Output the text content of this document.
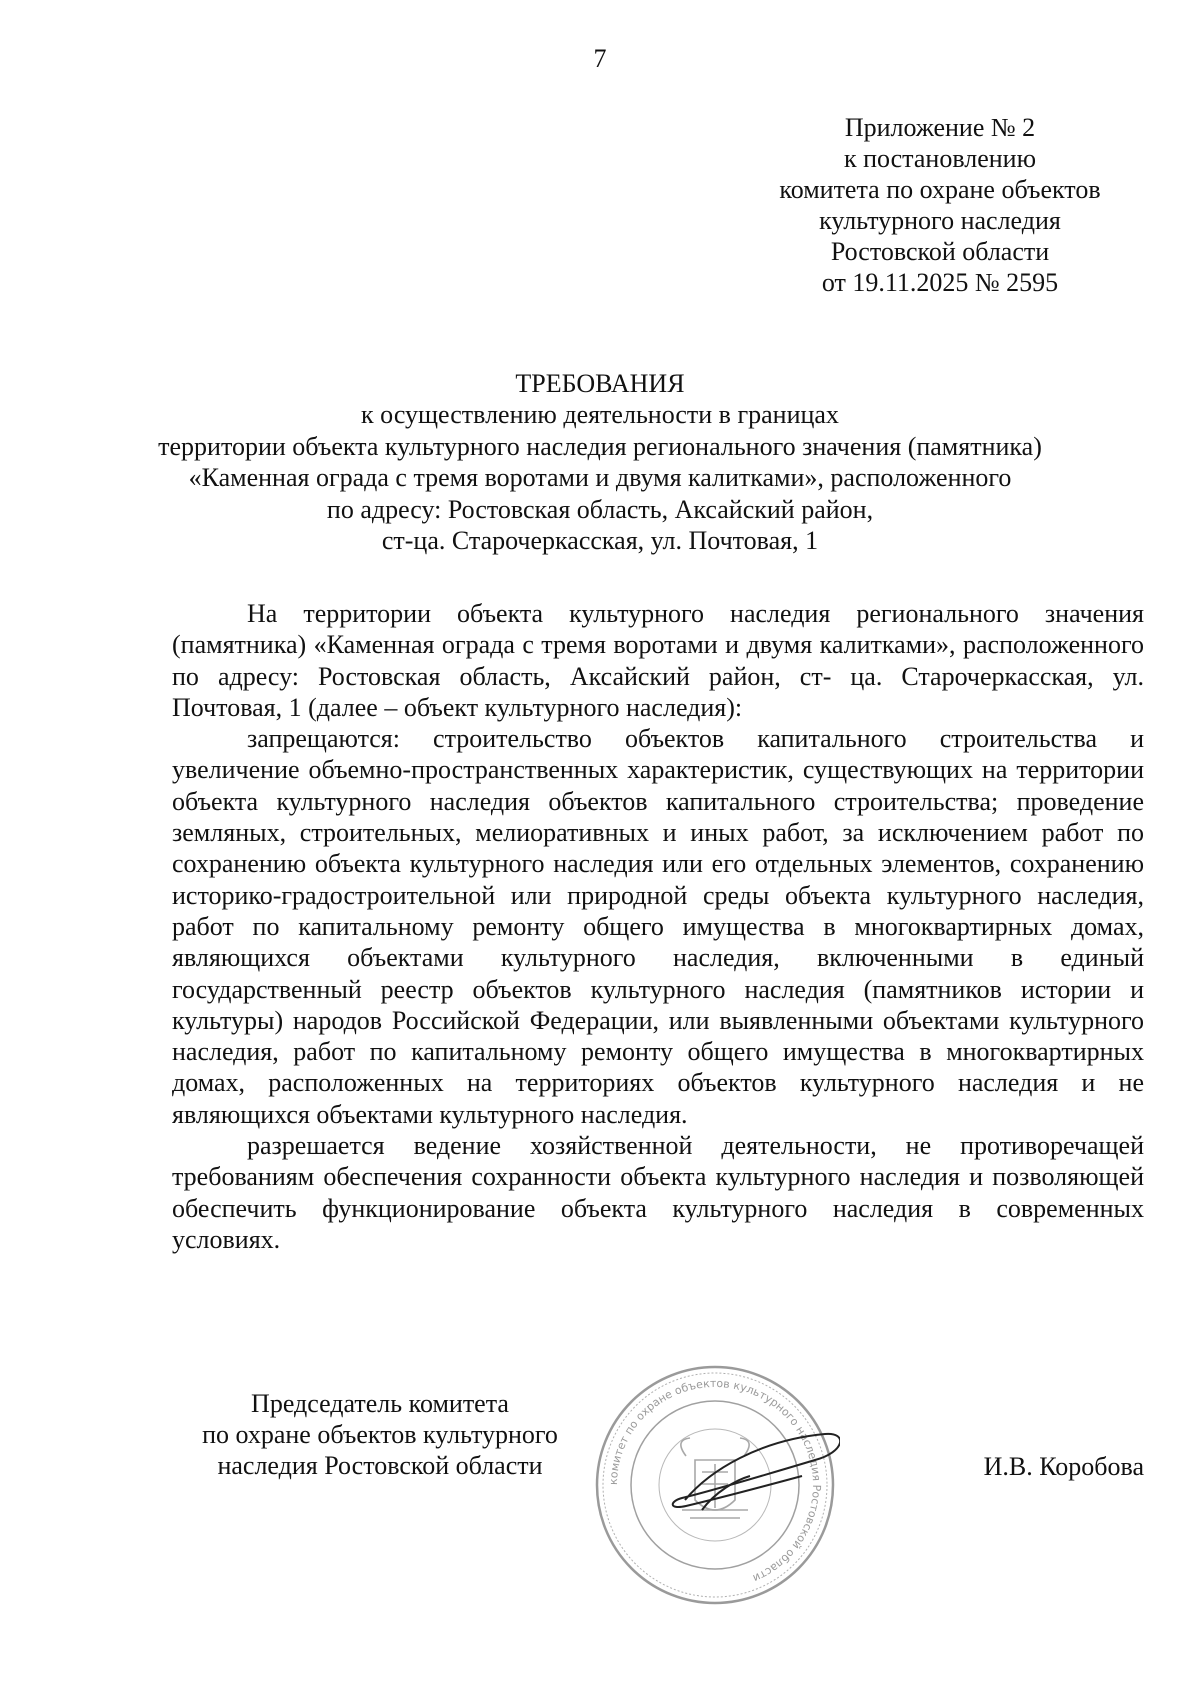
7
Приложение № 2
к постановлению
комитета по охране объектов
культурного наследия
Ростовской области
от 19.11.2025 № 2595
ТРЕБОВАНИЯ
к осуществлению деятельности в границах
территории объекта культурного наследия регионального значения (памятника)
«Каменная ограда с тремя воротами и двумя калитками», расположенного
по адресу: Ростовская область, Аксайский район,
ст-ца. Старочеркасская, ул. Почтовая, 1

На территории объекта культурного наследия регионального значения (памятника) «Каменная ограда с тремя воротами и двумя калитками», расположенного по адресу: Ростовская область, Аксайский район, ст- ца. Старочеркасская, ул. Почтовая, 1 (далее – объект культурного наследия):

запрещаются: строительство объектов капитального строительства и увеличение объемно-пространственных характеристик, существующих на территории объекта культурного наследия объектов капитального строительства; проведение земляных, строительных, мелиоративных и иных работ, за исключением работ по сохранению объекта культурного наследия или его отдельных элементов, сохранению историко-градостроительной или природной среды объекта культурного наследия, работ по капитальному ремонту общего имущества в многоквартирных домах, являющихся объектами культурного наследия, включенными в единый государственный реестр объектов культурного наследия (памятников истории и культуры) народов Российской Федерации, или выявленными объектами культурного наследия, работ по капитальному ремонту общего имущества в многоквартирных домах, расположенных на территориях объектов культурного наследия и не являющихся объектами культурного наследия.

разрешается ведение хозяйственной деятельности, не противоречащей требованиям обеспечения сохранности объекта культурного наследия и позволяющей обеспечить функционирование объекта культурного наследия в современных условиях.

Председатель комитета
по охране объектов культурного
наследия Ростовской области
комитет по охране объектов культурного наследия Ростовской области
И.В. Коробова
